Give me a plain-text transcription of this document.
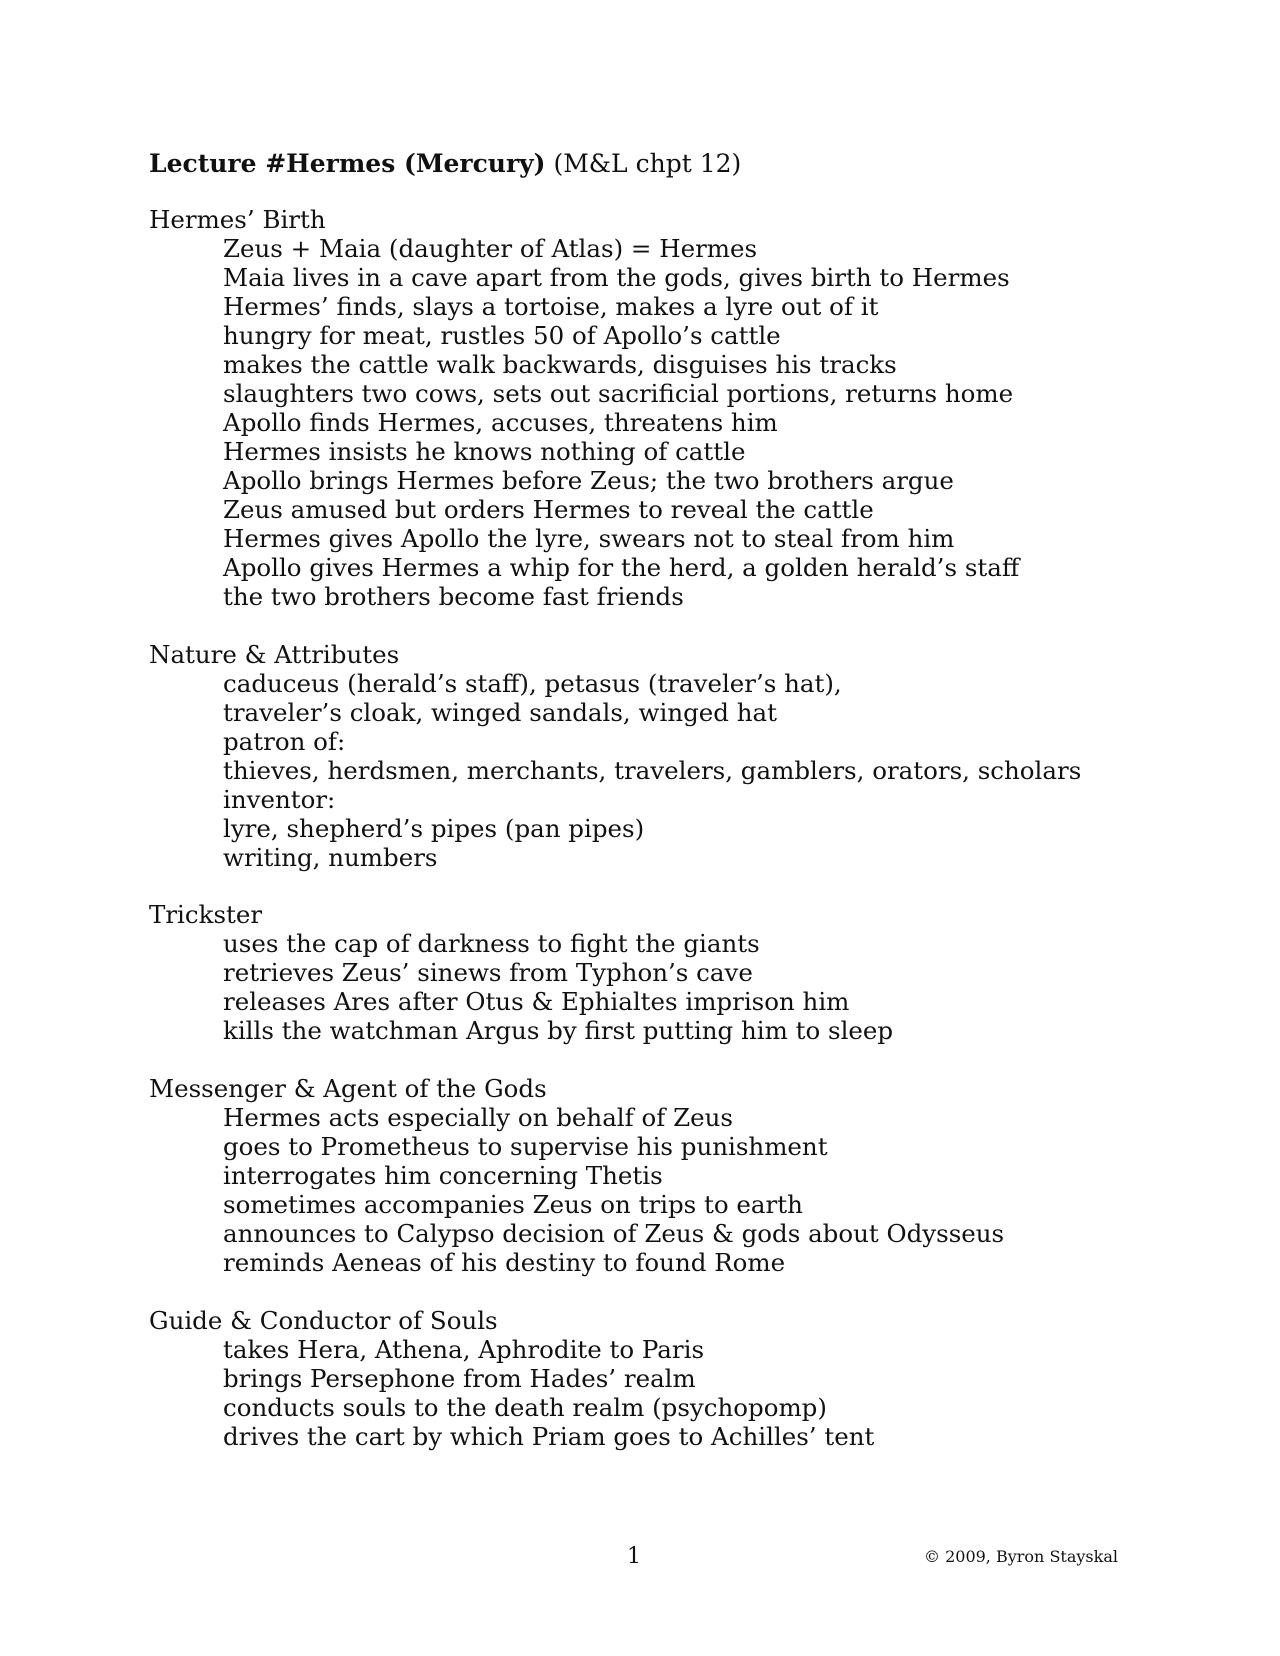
Lecture #Hermes (Mercury) (M&L chpt 12)
Hermes’ Birth
Zeus + Maia (daughter of Atlas) = Hermes
Maia lives in a cave apart from the gods, gives birth to Hermes
Hermes’ finds, slays a tortoise, makes a lyre out of it
hungry for meat, rustles 50 of Apollo’s cattle
makes the cattle walk backwards, disguises his tracks
slaughters two cows, sets out sacrificial portions, returns home
Apollo finds Hermes, accuses, threatens him
Hermes insists he knows nothing of cattle
Apollo brings Hermes before Zeus; the two brothers argue
Zeus amused but orders Hermes to reveal the cattle
Hermes gives Apollo the lyre, swears not to steal from him
Apollo gives Hermes a whip for the herd, a golden herald’s staff
the two brothers become fast friends
Nature & Attributes
caduceus (herald’s staff), petasus (traveler’s hat),
traveler’s cloak, winged sandals, winged hat
patron of:
thieves, herdsmen, merchants, travelers, gamblers, orators, scholars
inventor:
lyre, shepherd’s pipes (pan pipes)
writing, numbers
Trickster
uses the cap of darkness to fight the giants
retrieves Zeus’ sinews from Typhon’s cave
releases Ares after Otus & Ephialtes imprison him
kills the watchman Argus by first putting him to sleep
Messenger & Agent of the Gods
Hermes acts especially on behalf of Zeus
goes to Prometheus to supervise his punishment
interrogates him concerning Thetis
sometimes accompanies Zeus on trips to earth
announces to Calypso decision of Zeus & gods about Odysseus
reminds Aeneas of his destiny to found Rome
Guide & Conductor of Souls
takes Hera, Athena, Aphrodite to Paris
brings Persephone from Hades’ realm
conducts souls to the death realm (psychopomp)
drives the cart by which Priam goes to Achilles’ tent
1	© 2009, Byron Stayskal
